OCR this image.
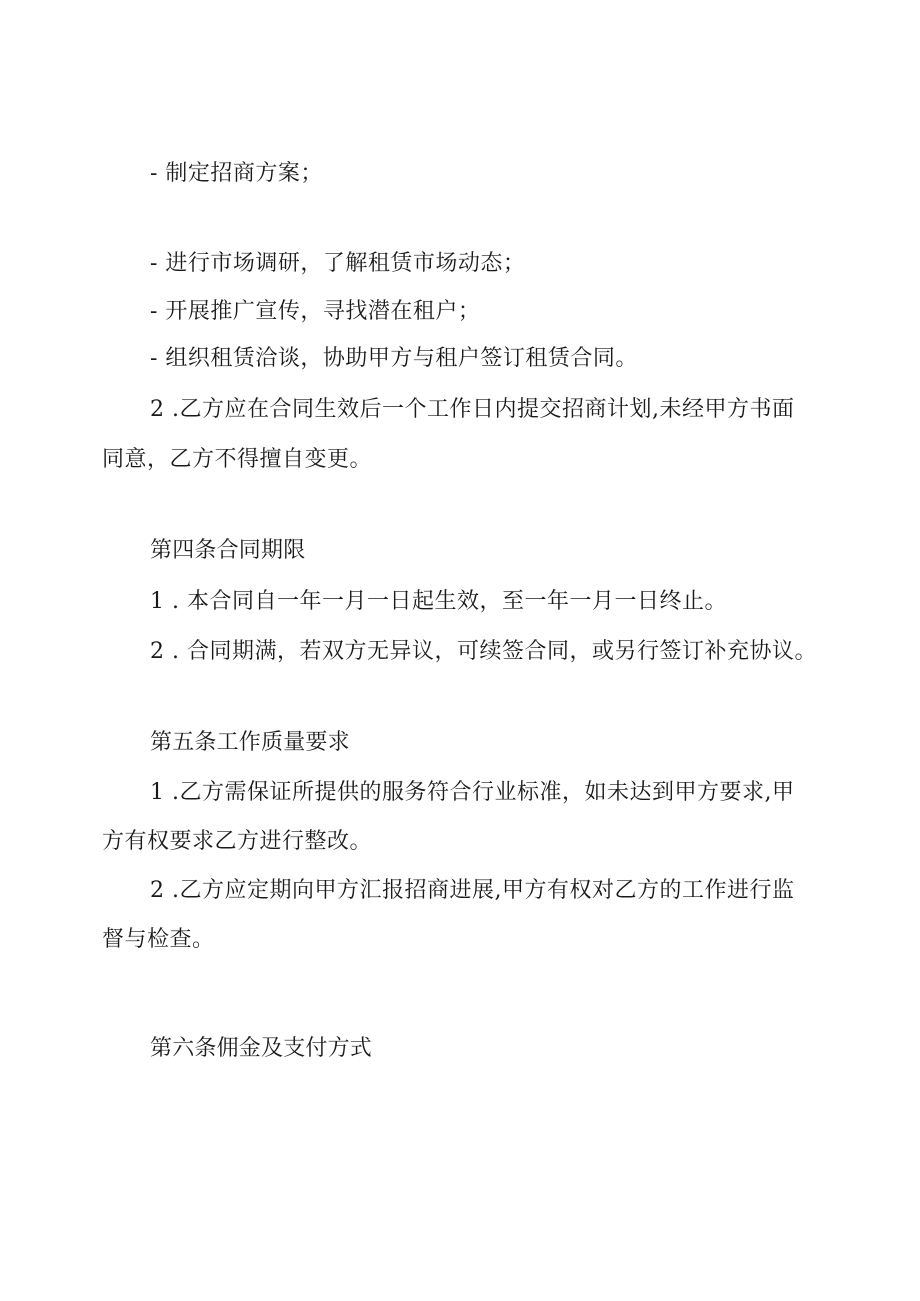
- 制定招商方案；
- 进行市场调研，了解租赁市场动态；
- 开展推广宣传，寻找潜在租户；
- 组织租赁洽谈，协助甲方与租户签订租赁合同。
2 .乙方应在合同生效后一个工作日内提交招商计划,未经甲方书面
同意，乙方不得擅自变更。
第四条合同期限
1 . 本合同自一年一月一日起生效，至一年一月一日终止。
2 . 合同期满，若双方无异议，可续签合同，或另行签订补充协议。
第五条工作质量要求
1 .乙方需保证所提供的服务符合行业标准，如未达到甲方要求,甲
方有权要求乙方进行整改。
2 .乙方应定期向甲方汇报招商进展,甲方有权对乙方的工作进行监
督与检查。
第六条佣金及支付方式
